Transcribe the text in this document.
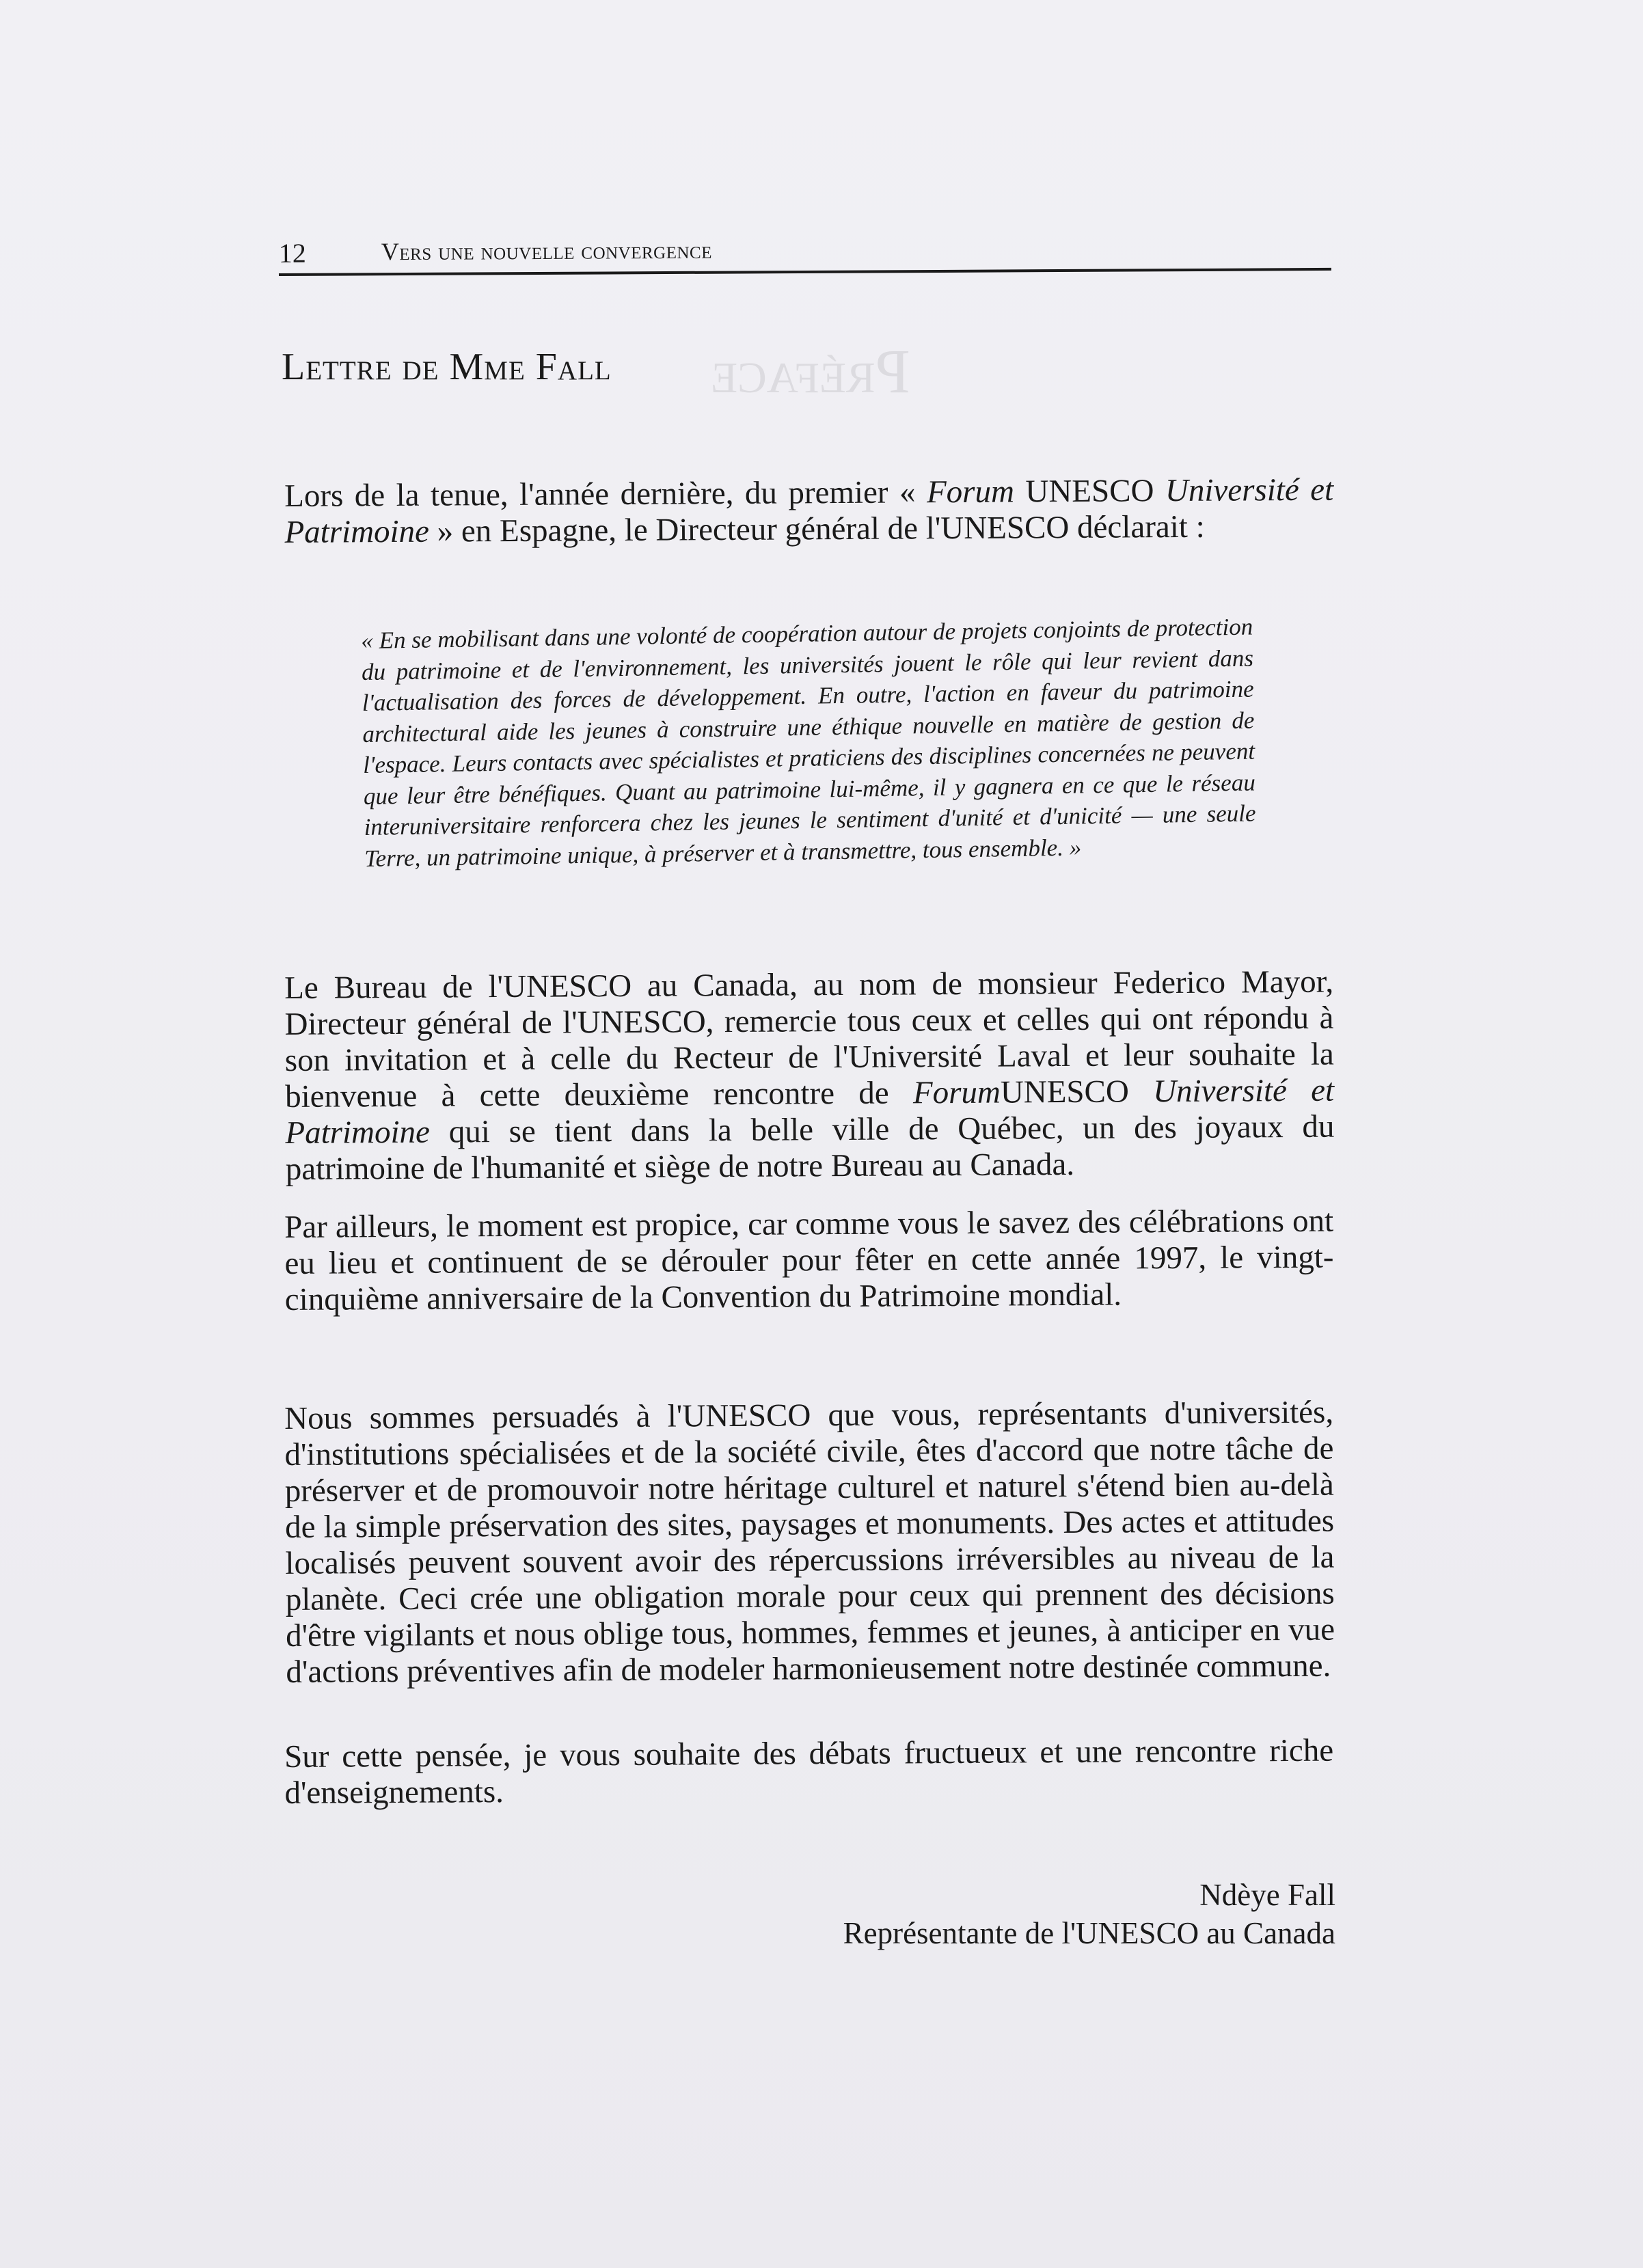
Préface
12	Vers une nouvelle convergence
Lettre de Mme Fall

Lors de la tenue, l'année dernière, du premier « Forum UNESCO Université et Patrimoine » en Espagne, le Directeur général de l'UNESCO déclarait :

« En se mobilisant dans une volonté de coopération autour de projets conjoints de protection du patrimoine et de l'environnement, les universités jouent le rôle qui leur revient dans l'actualisation des forces de développement. En outre, l'action en faveur du patrimoine architectural aide les jeunes à construire une éthique nouvelle en matière de gestion de l'espace. Leurs contacts avec spécialistes et praticiens des disciplines concernées ne peuvent que leur être bénéfiques. Quant au patrimoine lui-même, il y gagnera en ce que le réseau interuniversitaire renforcera chez les jeunes le sentiment d'unité et d'unicité — une seule Terre, un patrimoine unique, à préserver et à transmettre, tous ensemble. »

Le Bureau de l'UNESCO au Canada, au nom de monsieur Federico Mayor, Directeur général de l'UNESCO, remercie tous ceux et celles qui ont répondu à son invitation et à celle du Recteur de l'Université Laval et leur souhaite la bienvenue à cette deuxième rencontre de ForumUNESCO Université et Patrimoine qui se tient dans la belle ville de Québec, un des joyaux du patrimoine de l'humanité et siège de notre Bureau au Canada.

Par ailleurs, le moment est propice, car comme vous le savez des célébrations ont eu lieu et continuent de se dérouler pour fêter en cette année 1997, le vingt-cinquième anniversaire de la Convention du Patrimoine mondial.

Nous sommes persuadés à l'UNESCO que vous, représentants d'universités, d'institutions spécialisées et de la société civile, êtes d'accord que notre tâche de préserver et de promouvoir notre héritage culturel et naturel s'étend bien au-delà de la simple préservation des sites, paysages et monuments. Des actes et attitudes localisés peuvent souvent avoir des répercussions irréversibles au niveau de la planète. Ceci crée une obligation morale pour ceux qui prennent des décisions d'être vigilants et nous oblige tous, hommes, femmes et jeunes, à anticiper en vue d'actions préventives afin de modeler harmonieusement notre destinée commune.

Sur cette pensée, je vous souhaite des débats fructueux et une rencontre riche d'enseignements.

Ndèye Fall
Représentante de l'UNESCO au Canada
